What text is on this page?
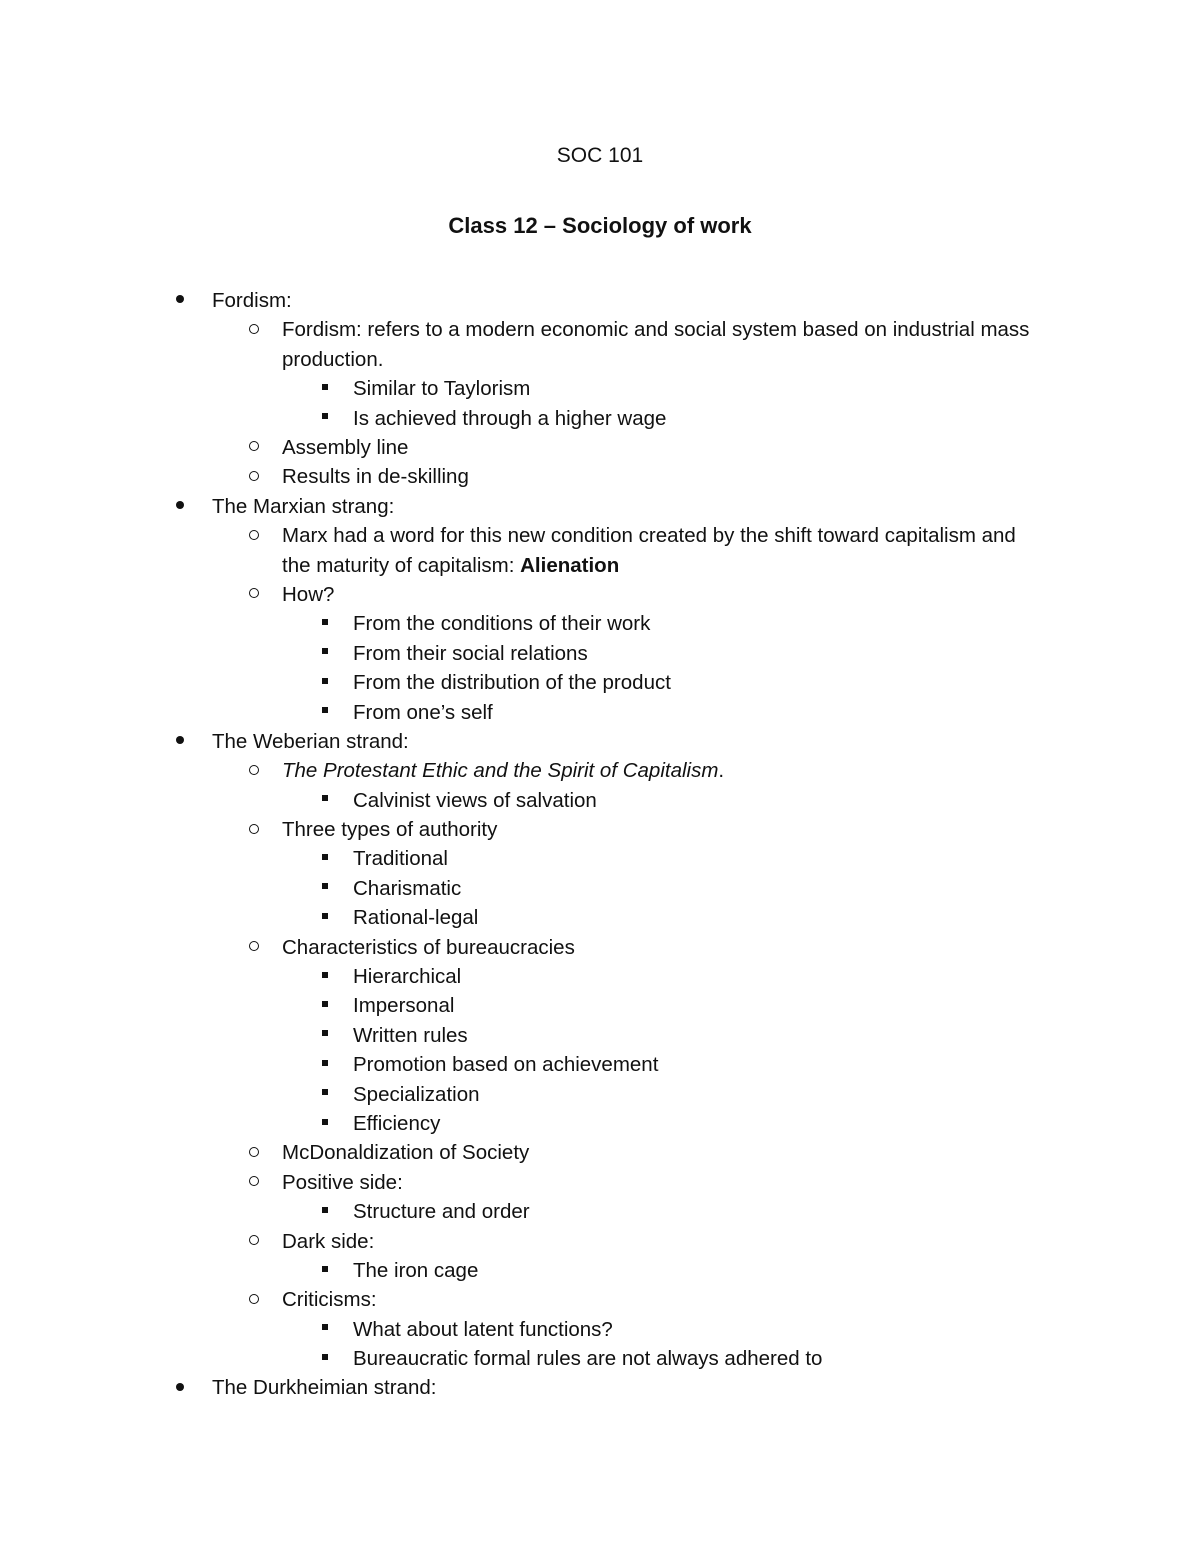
SOC 101
Class 12 – Sociology of work
Fordism:
Fordism: refers to a modern economic and social system based on industrial mass production.
Similar to Taylorism
Is achieved through a higher wage
Assembly line
Results in de-skilling
The Marxian strang:
Marx had a word for this new condition created by the shift toward capitalism and the maturity of capitalism: Alienation
How?
From the conditions of their work
From their social relations
From the distribution of the product
From one’s self
The Weberian strand:
The Protestant Ethic and the Spirit of Capitalism.
Calvinist views of salvation
Three types of authority
Traditional
Charismatic
Rational-legal
Characteristics of bureaucracies
Hierarchical
Impersonal
Written rules
Promotion based on achievement
Specialization
Efficiency
McDonaldization of Society
Positive side:
Structure and order
Dark side:
The iron cage
Criticisms:
What about latent functions?
Bureaucratic formal rules are not always adhered to
The Durkheimian strand:
